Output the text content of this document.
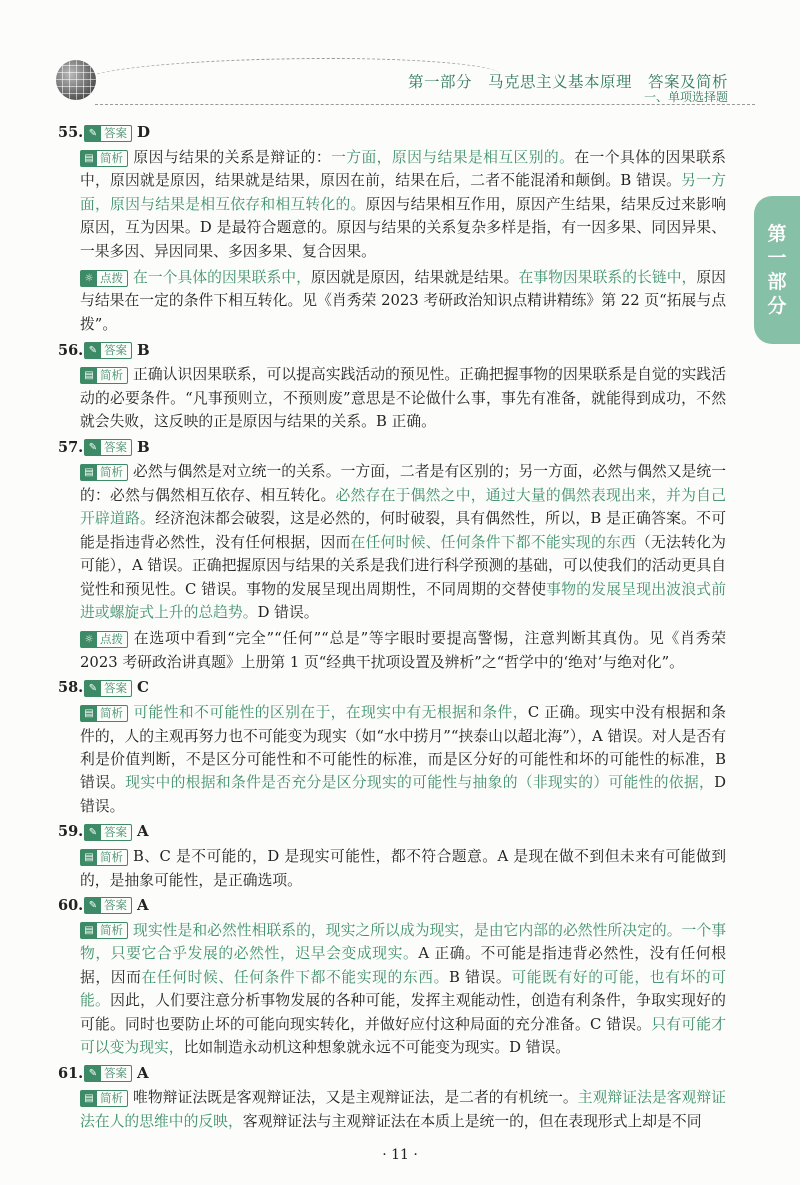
第一部分　马克思主义基本原理　答案及简析
一、单项选择题
第
一
部
分
55. ✎ 答案 D
▤ 简析 原因与结果的关系是辩证的：一方面，原因与结果是相互区别的。在一个具体的因果联系中，原因就是原因，结果就是结果，原因在前，结果在后，二者不能混淆和颠倒。B 错误。另一方面，原因与结果是相互依存和相互转化的。原因与结果相互作用，原因产生结果，结果反过来影响原因，互为因果。D 是最符合题意的。原因与结果的关系复杂多样是指，有一因多果、同因异果、一果多因、异因同果、多因多果、复合因果。
☼ 点拨 在一个具体的因果联系中，原因就是原因，结果就是结果。在事物因果联系的长链中，原因与结果在一定的条件下相互转化。见《肖秀荣 2023 考研政治知识点精讲精练》第 22 页“拓展与点拨”。
56. ✎ 答案 B
▤ 简析 正确认识因果联系，可以提高实践活动的预见性。正确把握事物的因果联系是自觉的实践活动的必要条件。“凡事预则立，不预则废”意思是不论做什么事，事先有准备，就能得到成功，不然就会失败，这反映的正是原因与结果的关系。B 正确。
57. ✎ 答案 B
▤ 简析 必然与偶然是对立统一的关系。一方面，二者是有区别的；另一方面，必然与偶然又是统一的：必然与偶然相互依存、相互转化。必然存在于偶然之中，通过大量的偶然表现出来，并为自己开辟道路。经济泡沫都会破裂，这是必然的，何时破裂，具有偶然性，所以，B 是正确答案。不可能是指违背必然性，没有任何根据，因而在任何时候、任何条件下都不能实现的东西（无法转化为可能），A 错误。正确把握原因与结果的关系是我们进行科学预测的基础，可以使我们的活动更具自觉性和预见性。C 错误。事物的发展呈现出周期性，不同周期的交替使事物的发展呈现出波浪式前进或螺旋式上升的总趋势。D 错误。
☼ 点拨 在选项中看到“完全”“任何”“总是”等字眼时要提高警惕，注意判断其真伪。见《肖秀荣 2023 考研政治讲真题》上册第 1 页“经典干扰项设置及辨析”之“哲学中的‘绝对’与绝对化”。
58. ✎ 答案 C
▤ 简析 可能性和不可能性的区别在于，在现实中有无根据和条件，C 正确。现实中没有根据和条件的，人的主观再努力也不可能变为现实（如“水中捞月”“挟泰山以超北海”），A 错误。对人是否有利是价值判断，不是区分可能性和不可能性的标准，而是区分好的可能性和坏的可能性的标准，B 错误。现实中的根据和条件是否充分是区分现实的可能性与抽象的（非现实的）可能性的依据，D 错误。
59. ✎ 答案 A
▤ 简析 B、C 是不可能的，D 是现实可能性，都不符合题意。A 是现在做不到但未来有可能做到的，是抽象可能性，是正确选项。
60. ✎ 答案 A
▤ 简析 现实性是和必然性相联系的，现实之所以成为现实，是由它内部的必然性所决定的。一个事物，只要它合乎发展的必然性，迟早会变成现实。A 正确。不可能是指违背必然性，没有任何根据，因而在任何时候、任何条件下都不能实现的东西。B 错误。可能既有好的可能，也有坏的可能。因此，人们要注意分析事物发展的各种可能，发挥主观能动性，创造有利条件，争取实现好的可能。同时也要防止坏的可能向现实转化，并做好应付这种局面的充分准备。C 错误。只有可能才可以变为现实，比如制造永动机这种想象就永远不可能变为现实。D 错误。
61. ✎ 答案 A
▤ 简析 唯物辩证法既是客观辩证法，又是主观辩证法，是二者的有机统一。主观辩证法是客观辩证法在人的思维中的反映，客观辩证法与主观辩证法在本质上是统一的，但在表现形式上却是不同
· 11 ·
